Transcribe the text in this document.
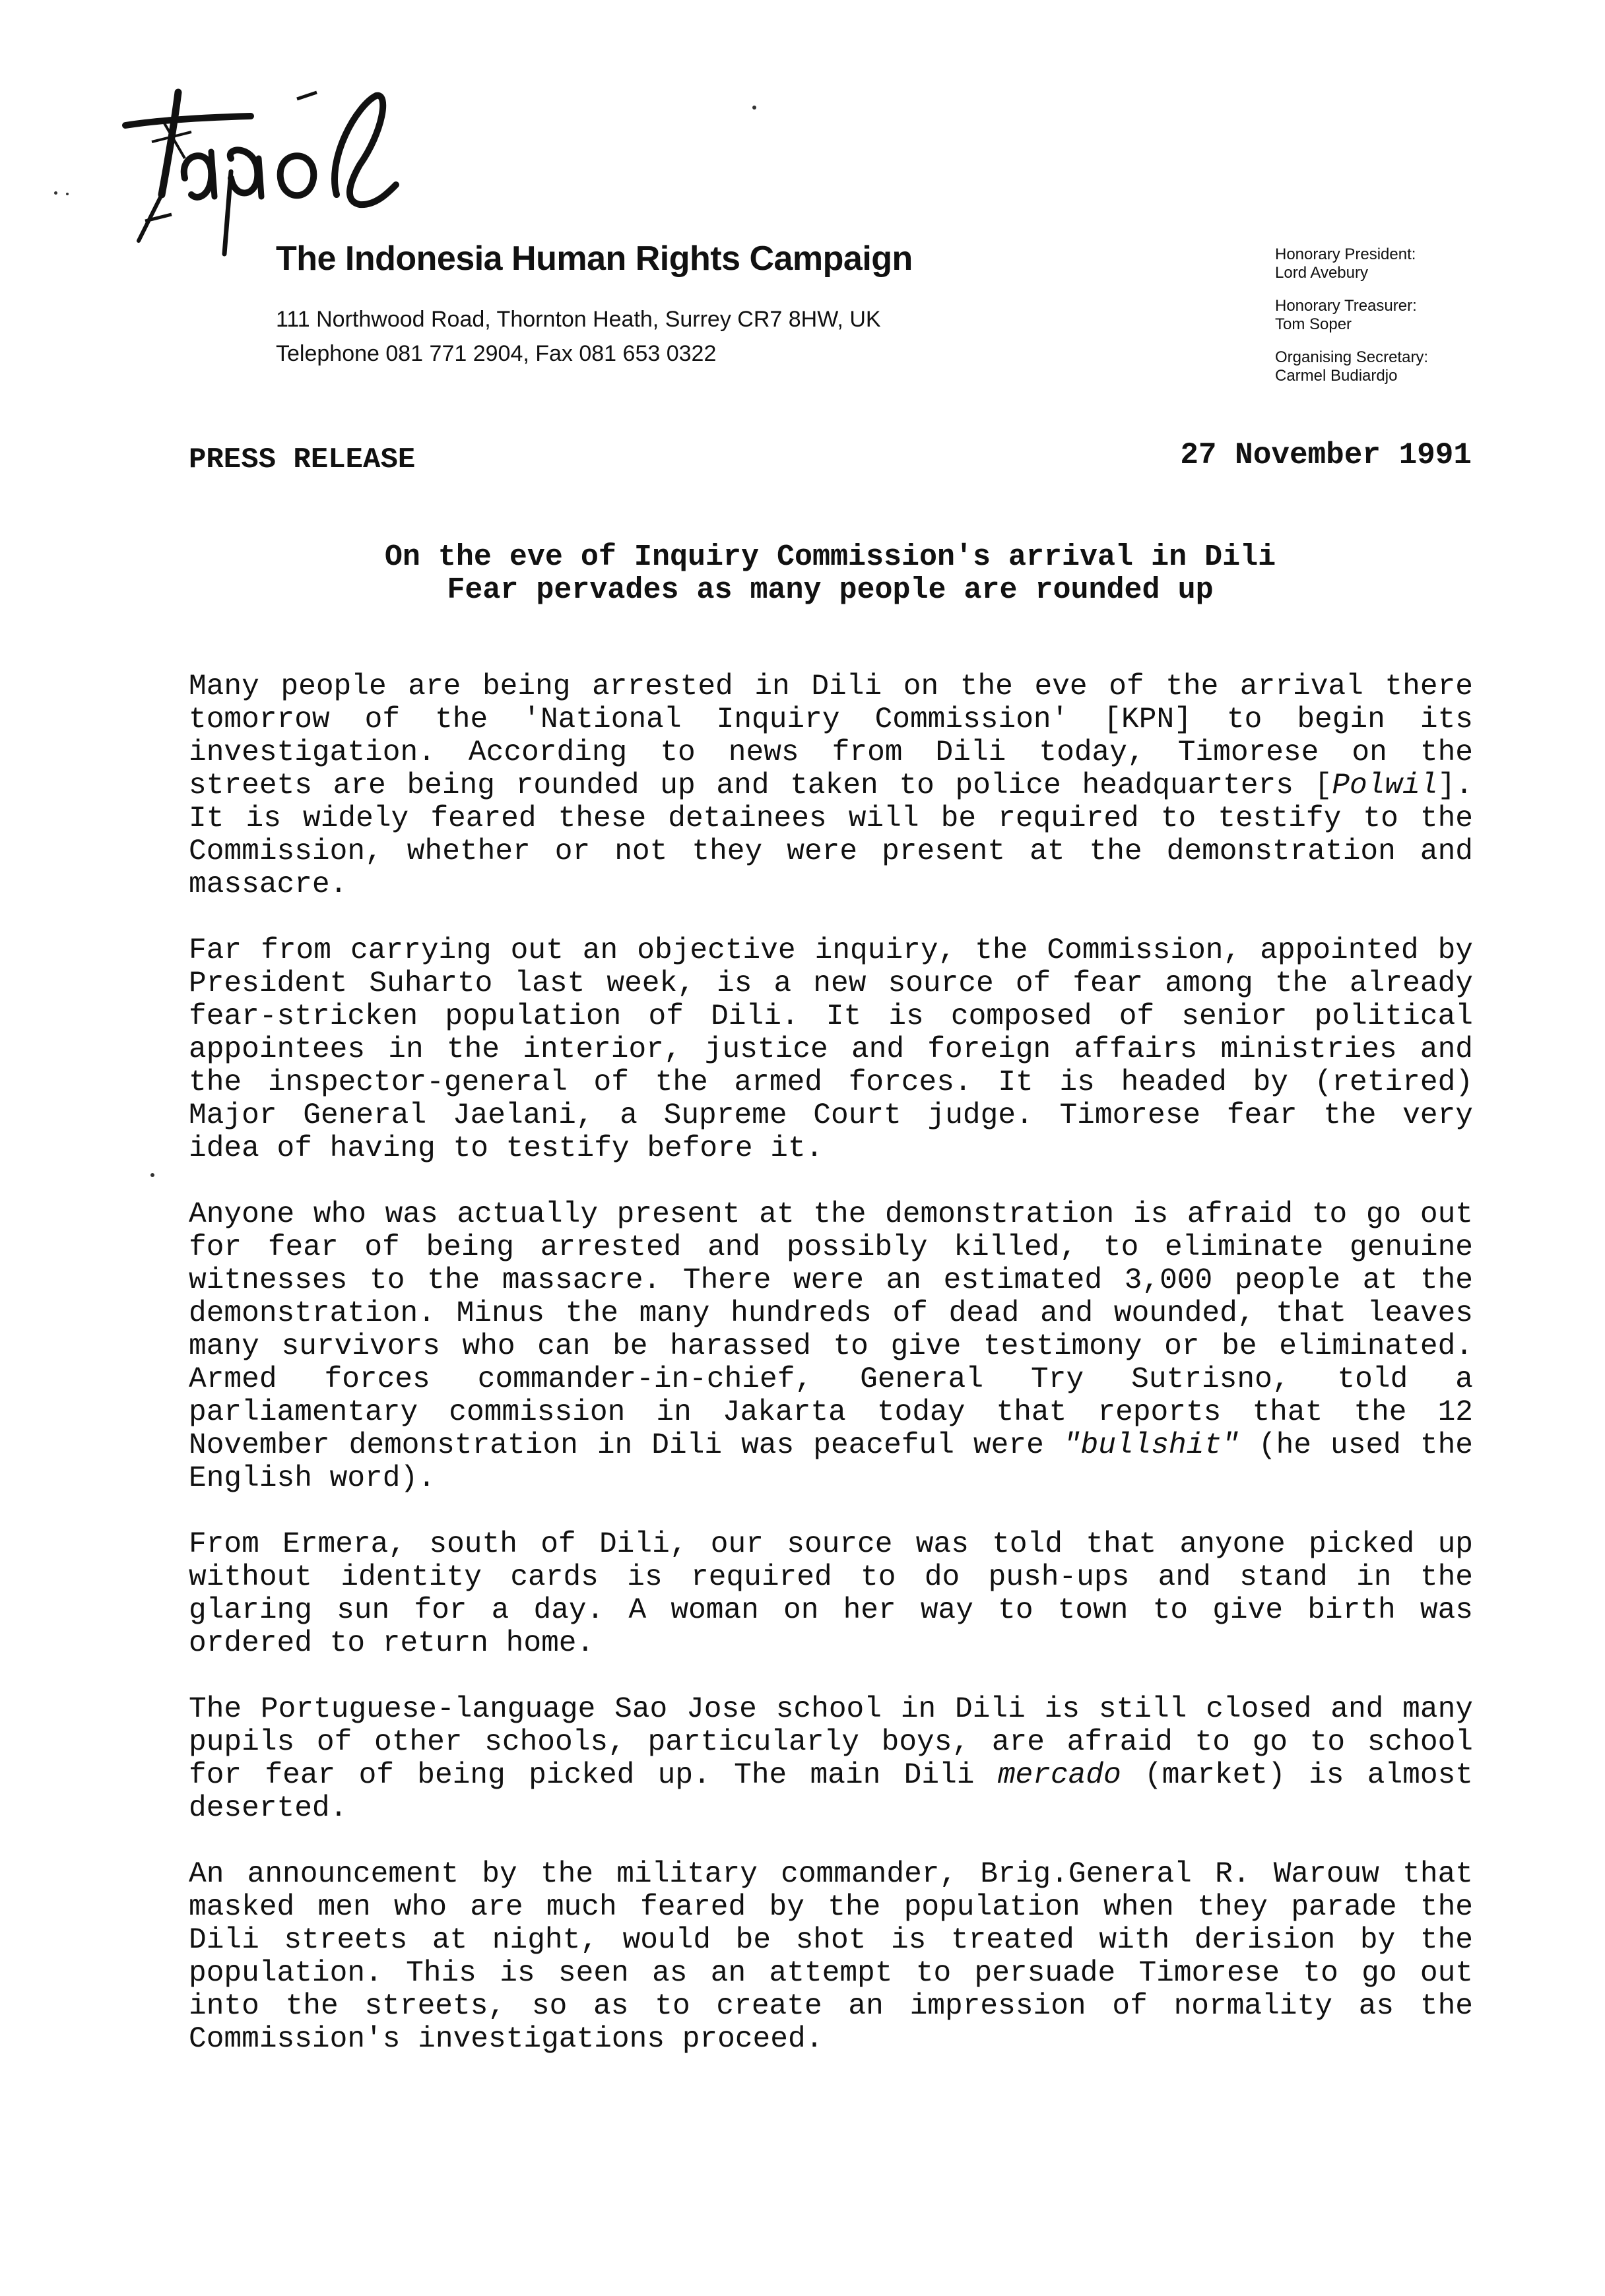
The Indonesia Human Rights Campaign
111 Northwood Road, Thornton Heath, Surrey CR7 8HW, UK
Telephone 081 771 2904, Fax 081 653 0322
Honorary President:
Lord Avebury
Honorary Treasurer:
Tom Soper
Organising Secretary:
Carmel Budiardjo
PRESS RELEASE	27 November 1991
On the eve of Inquiry Commission's arrival in Dili
Fear pervades as many people are rounded up

Many people are being arrested in Dili on the eve of the arrival there tomorrow of the 'National Inquiry Commission' [KPN] to begin its investigation. According to news from Dili today, Timorese on the streets are being rounded up and taken to police headquarters [Polwil]. It is widely feared these detainees will be required to testify to the Commission, whether or not they were present at the demonstration and massacre.

Far from carrying out an objective inquiry, the Commission, appointed by President Suharto last week, is a new source of fear among the already fear-stricken population of Dili. It is composed of senior political appointees in the interior, justice and foreign affairs ministries and the inspector-general of the armed forces. It is headed by (retired) Major General Jaelani, a Supreme Court judge. Timorese fear the very idea of having to testify before it.

Anyone who was actually present at the demonstration is afraid to go out for fear of being arrested and possibly killed, to eliminate genuine witnesses to the massacre. There were an estimated 3,000 people at the demonstration. Minus the many hundreds of dead and wounded, that leaves many survivors who can be harassed to give testimony or be eliminated. Armed forces commander-in-chief, General Try Sutrisno, told a parliamentary commission in Jakarta today that reports that the 12 November demonstration in Dili was peaceful were "bullshit" (he used the English word).

From Ermera, south of Dili, our source was told that anyone picked up without identity cards is required to do push-ups and stand in the glaring sun for a day. A woman on her way to town to give birth was ordered to return home.

The Portuguese-language Sao Jose school in Dili is still closed and many pupils of other schools, particularly boys, are afraid to go to school for fear of being picked up. The main Dili mercado (market) is almost deserted.

An announcement by the military commander, Brig.General R. Warouw that masked men who are much feared by the population when they parade the Dili streets at night, would be shot is treated with derision by the population. This is seen as an attempt to persuade Timorese to go out into the streets, so as to create an impression of normality as the Commission's investigations proceed.
